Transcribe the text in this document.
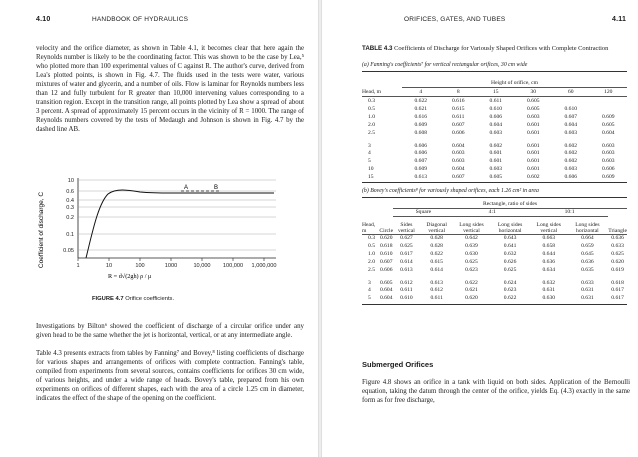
4.10	HANDBOOK OF HYDRAULICS

velocity and the orifice diameter, as shown in Table 4.1, it becomes clear that here again the Reynolds number is likely to be the coordinating factor. This was shown to be the case by Lea,⁵ who plotted more than 100 experimental values of C against R. The author's curve, derived from Lea's plotted points, is shown in Fig. 4.7. The fluids used in the tests were water, various mixtures of water and glycerin, and a number of oils. Flow is laminar for Reynolds numbers less than 12 and fully turbulent for R greater than 10,000 intervening values corresponding to a transition region. Except in the transition range, all points plotted by Lea show a spread of about 3 percent. A spread of approximately 15 percent occurs in the vicinity of R = 1000. The range of Reynolds numbers covered by the tests of Medaugh and Johnson is shown in Fig. 4.7 by the dashed line AB.

Coefficient of discharge, C
10
0.6
0.4
0.3
0.2
0.1
0.05
1	10	100	1000	10,000 100,000 1,000,000
A	B
R = d√(2gh) ρ / μ
FIGURE 4.7 Orifice coefficients.

Investigations by Bilton⁶ showed the coefficient of discharge of a circular orifice under any given head to be the same whether the jet is horizontal, vertical, or at any intermediate angle.

Table 4.3 presents extracts from tables by Fanning⁷ and Bovey,⁸ listing coefficients of discharge for various shapes and arrangements of orifices with complete contraction. Fanning's table, compiled from experiments from several sources, contains coefficients for orifices 30 cm wide, of various heights, and under a wide range of heads. Bovey's table, prepared from his own experiments on orifices of different shapes, each with the area of a circle 1.25 cm in diameter, indicates the effect of the shape of the opening on the coefficient.

ORIFICES, GATES, AND TUBES	4.11
TABLE 4.3 Coefficients of Discharge for Variously Shaped Orifices with Complete Contraction
(a) Fanning's coefficients⁷ for vertical rectangular orifices, 30 cm wide
	Height of orifice, cm					
Head, m	4	8	15	30	60	120
0.3	0.622	0.616	0.611	0.605		
0.5	0.621	0.615	0.610	0.605	0.610	
1.0	0.616	0.611	0.606	0.603	0.607	0.609
2.0	0.609	0.607	0.604	0.601	0.604	0.605
2.5	0.608	0.606	0.603	0.601	0.603	0.604
3	0.606	0.604	0.602	0.601	0.602	0.603
4	0.606	0.603	0.601	0.601	0.602	0.603
5	0.607	0.603	0.601	0.601	0.602	0.603
10	0.609	0.604	0.603	0.601	0.603	0.606
15	0.613	0.607	0.605	0.602	0.606	0.609

(b) Bovey's coefficients⁸ for variously shaped orifices, each 1.26 cm² in area
		Rectangle, ratio of sides						
		Square		4:1		10:1		
Head, m	Circle	Sides vertical	Diagonal vertical	Long sides vertical	Long sides horizontal	Long sides vertical	Long sides horizontal	Triangle
0.3	0.620	0.627	0.628	0.642	0.643	0.663	0.664	0.636
0.5	0.618	0.625	0.628	0.639	0.641	0.658	0.659	0.633
1.0	0.610	0.617	0.622	0.630	0.632	0.644	0.645	0.625
2.0	0.607	0.614	0.615	0.625	0.626	0.636	0.636	0.620
2.5	0.606	0.613	0.614	0.623	0.625	0.634	0.635	0.619
3	0.605	0.612	0.613	0.622	0.624	0.632	0.633	0.618
4	0.604	0.611	0.612	0.621	0.623	0.631	0.631	0.617
5	0.604	0.610	0.611	0.620	0.622	0.630	0.631	0.617

Submerged Orifices

Figure 4.8 shows an orifice in a tank with liquid on both sides. Application of the Bernoulli equation, taking the datum through the center of the orifice, yields Eq. (4.3) exactly in the same form as for free discharge,
